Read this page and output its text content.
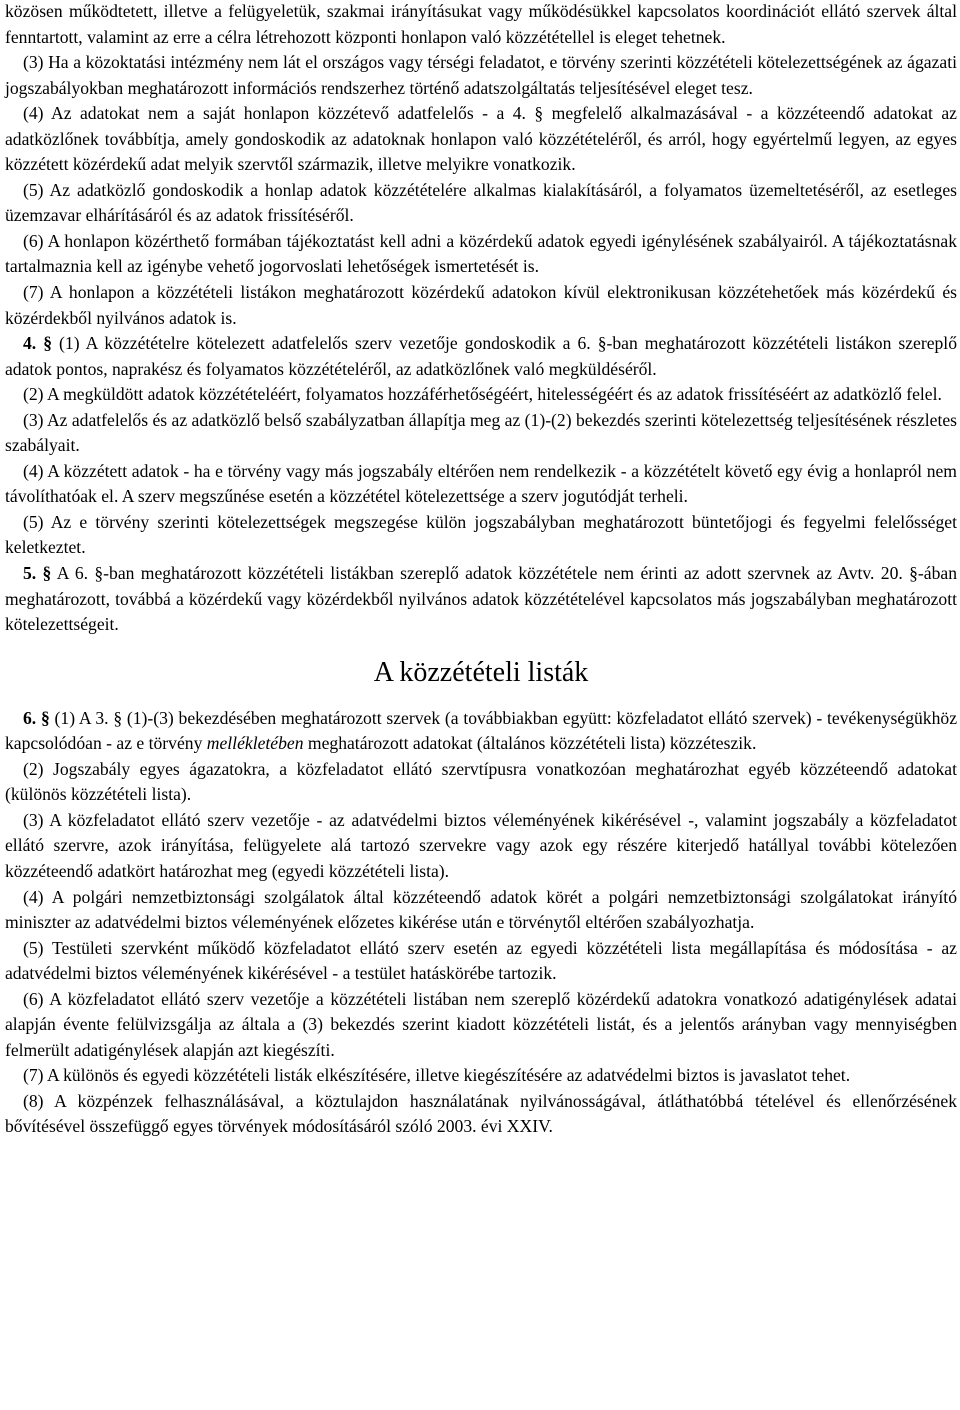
közösen működtetett, illetve a felügyeletük, szakmai irányításukat vagy működésükkel kapcsolatos koordinációt ellátó szervek által fenntartott, valamint az erre a célra létrehozott központi honlapon való közzététellel is eleget tehetnek.

(3) Ha a közoktatási intézmény nem lát el országos vagy térségi feladatot, e törvény szerinti közzétételi kötelezettségének az ágazati jogszabályokban meghatározott információs rendszerhez történő adatszolgáltatás teljesítésével eleget tesz.

(4) Az adatokat nem a saját honlapon közzétevő adatfelelős - a 4. § megfelelő alkalmazásával - a közzéteendő adatokat az adatközlőnek továbbítja, amely gondoskodik az adatoknak honlapon való közzétételéről, és arról, hogy egyértelmű legyen, az egyes közzétett közérdekű adat melyik szervtől származik, illetve melyikre vonatkozik.

(5) Az adatközlő gondoskodik a honlap adatok közzétételére alkalmas kialakításáról, a folyamatos üzemeltetéséről, az esetleges üzemzavar elhárításáról és az adatok frissítéséről.

(6) A honlapon közérthető formában tájékoztatást kell adni a közérdekű adatok egyedi igénylésének szabályairól. A tájékoztatásnak tartalmaznia kell az igénybe vehető jogorvoslati lehetőségek ismertetését is.

(7) A honlapon a közzétételi listákon meghatározott közérdekű adatokon kívül elektronikusan közzétehetőek más közérdekű és közérdekből nyilvános adatok is.

4. § (1) A közzétételre kötelezett adatfelelős szerv vezetője gondoskodik a 6. §-ban meghatározott közzétételi listákon szereplő adatok pontos, naprakész és folyamatos közzétételéről, az adatközlőnek való megküldéséről.

(2) A megküldött adatok közzétételéért, folyamatos hozzáférhetőségéért, hitelességéért és az adatok frissítéséért az adatközlő felel.

(3) Az adatfelelős és az adatközlő belső szabályzatban állapítja meg az (1)-(2) bekezdés szerinti kötelezettség teljesítésének részletes szabályait.

(4) A közzétett adatok - ha e törvény vagy más jogszabály eltérően nem rendelkezik - a közzétételt követő egy évig a honlapról nem távolíthatóak el. A szerv megszűnése esetén a közzététel kötelezettsége a szerv jogutódját terheli.

(5) Az e törvény szerinti kötelezettségek megszegése külön jogszabályban meghatározott büntetőjogi és fegyelmi felelősséget keletkeztet.

5. § A 6. §-ban meghatározott közzétételi listákban szereplő adatok közzététele nem érinti az adott szervnek az Avtv. 20. §-ában meghatározott, továbbá a közérdekű vagy közérdekből nyilvános adatok közzétételével kapcsolatos más jogszabályban meghatározott kötelezettségeit.

A közzétételi listák

6. § (1) A 3. § (1)-(3) bekezdésében meghatározott szervek (a továbbiakban együtt: közfeladatot ellátó szervek) - tevékenységükhöz kapcsolódóan - az e törvény mellékletében meghatározott adatokat (általános közzétételi lista) közzéteszik.

(2) Jogszabály egyes ágazatokra, a közfeladatot ellátó szervtípusra vonatkozóan meghatározhat egyéb közzéteendő adatokat (különös közzétételi lista).

(3) A közfeladatot ellátó szerv vezetője - az adatvédelmi biztos véleményének kikérésével -, valamint jogszabály a közfeladatot ellátó szervre, azok irányítása, felügyelete alá tartozó szervekre vagy azok egy részére kiterjedő hatállyal további kötelezően közzéteendő adatkört határozhat meg (egyedi közzétételi lista).

(4) A polgári nemzetbiztonsági szolgálatok által közzéteendő adatok körét a polgári nemzetbiztonsági szolgálatokat irányító miniszter az adatvédelmi biztos véleményének előzetes kikérése után e törvénytől eltérően szabályozhatja.

(5) Testületi szervként működő közfeladatot ellátó szerv esetén az egyedi közzétételi lista megállapítása és módosítása - az adatvédelmi biztos véleményének kikérésével - a testület hatáskörébe tartozik.

(6) A közfeladatot ellátó szerv vezetője a közzétételi listában nem szereplő közérdekű adatokra vonatkozó adatigénylések adatai alapján évente felülvizsgálja az általa a (3) bekezdés szerint kiadott közzétételi listát, és a jelentős arányban vagy mennyiségben felmerült adatigénylések alapján azt kiegészíti.

(7) A különös és egyedi közzétételi listák elkészítésére, illetve kiegészítésére az adatvédelmi biztos is javaslatot tehet.

(8) A közpénzek felhasználásával, a köztulajdon használatának nyilvánosságával, átláthatóbbá tételével és ellenőrzésének bővítésével összefüggő egyes törvények módosításáról szóló 2003. évi XXIV.
